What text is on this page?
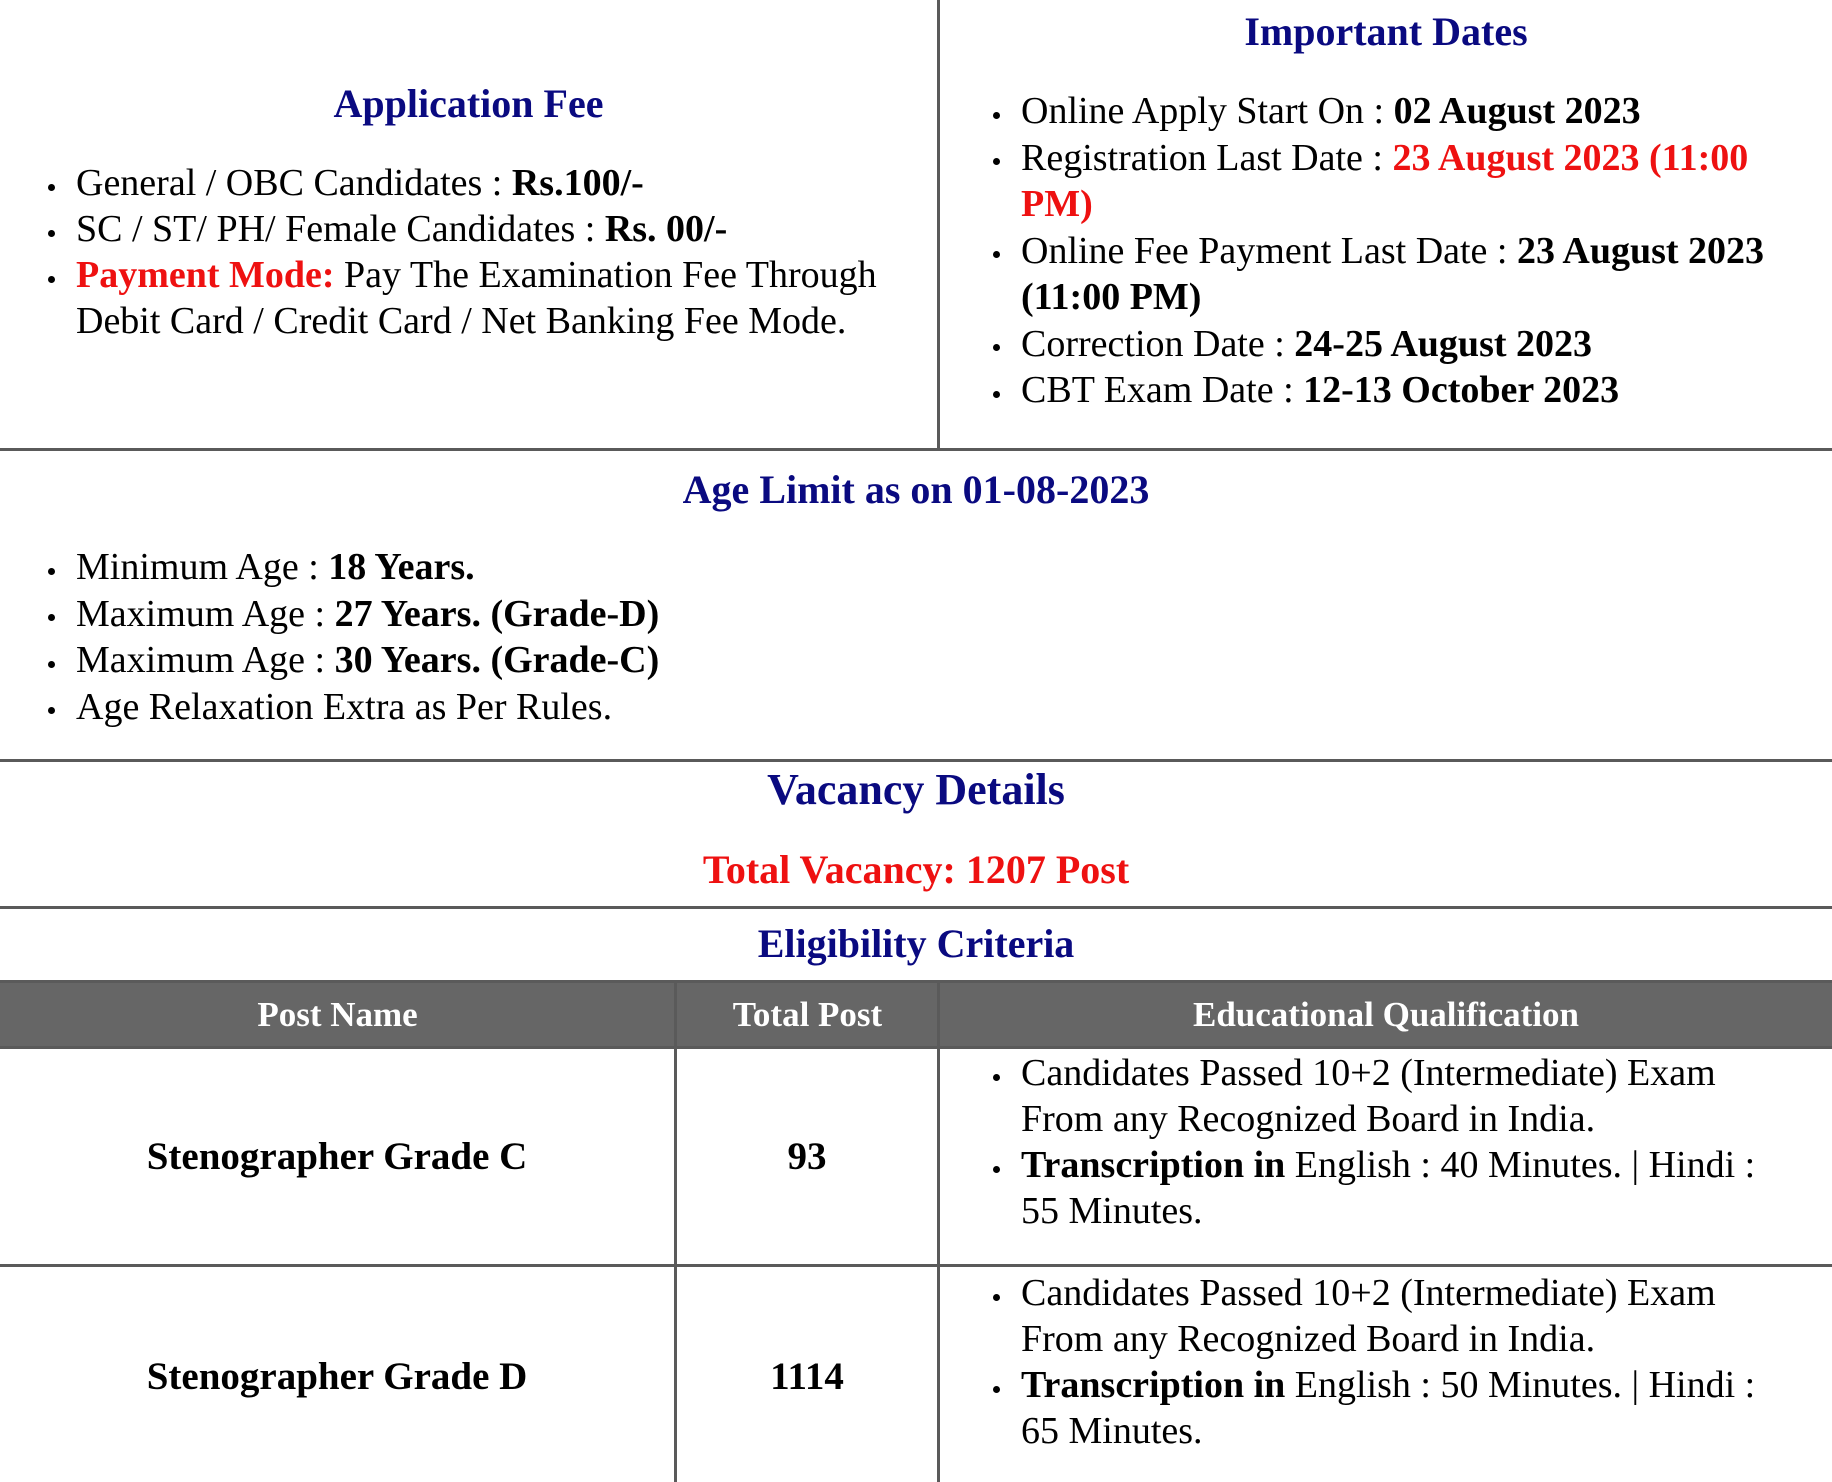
Application Fee
General / OBC Candidates : Rs.100/-
SC / ST/ PH/ Female Candidates : Rs. 00/-
Payment Mode: Pay The Examination Fee Through
Debit Card / Credit Card / Net Banking Fee Mode.
Important Dates
Online Apply Start On : 02 August 2023
Registration Last Date : 23 August 2023 (11:00
PM)
Online Fee Payment Last Date : 23 August 2023
(11:00 PM)
Correction Date : 24-25 August 2023
CBT Exam Date : 12-13 October 2023
Age Limit as on 01-08-2023
Minimum Age : 18 Years.
Maximum Age : 27 Years. (Grade-D)
Maximum Age : 30 Years. (Grade-C)
Age Relaxation Extra as Per Rules.
Vacancy Details
Total Vacancy: 1207 Post
Eligibility Criteria
Post Name	Total Post	Educational Qualification
Stenographer Grade C	93
Candidates Passed 10+2 (Intermediate) Exam
From any Recognized Board in India.
Transcription in English : 40 Minutes. | Hindi :
55 Minutes.
Stenographer Grade D	1114
Candidates Passed 10+2 (Intermediate) Exam
From any Recognized Board in India.
Transcription in English : 50 Minutes. | Hindi :
65 Minutes.
